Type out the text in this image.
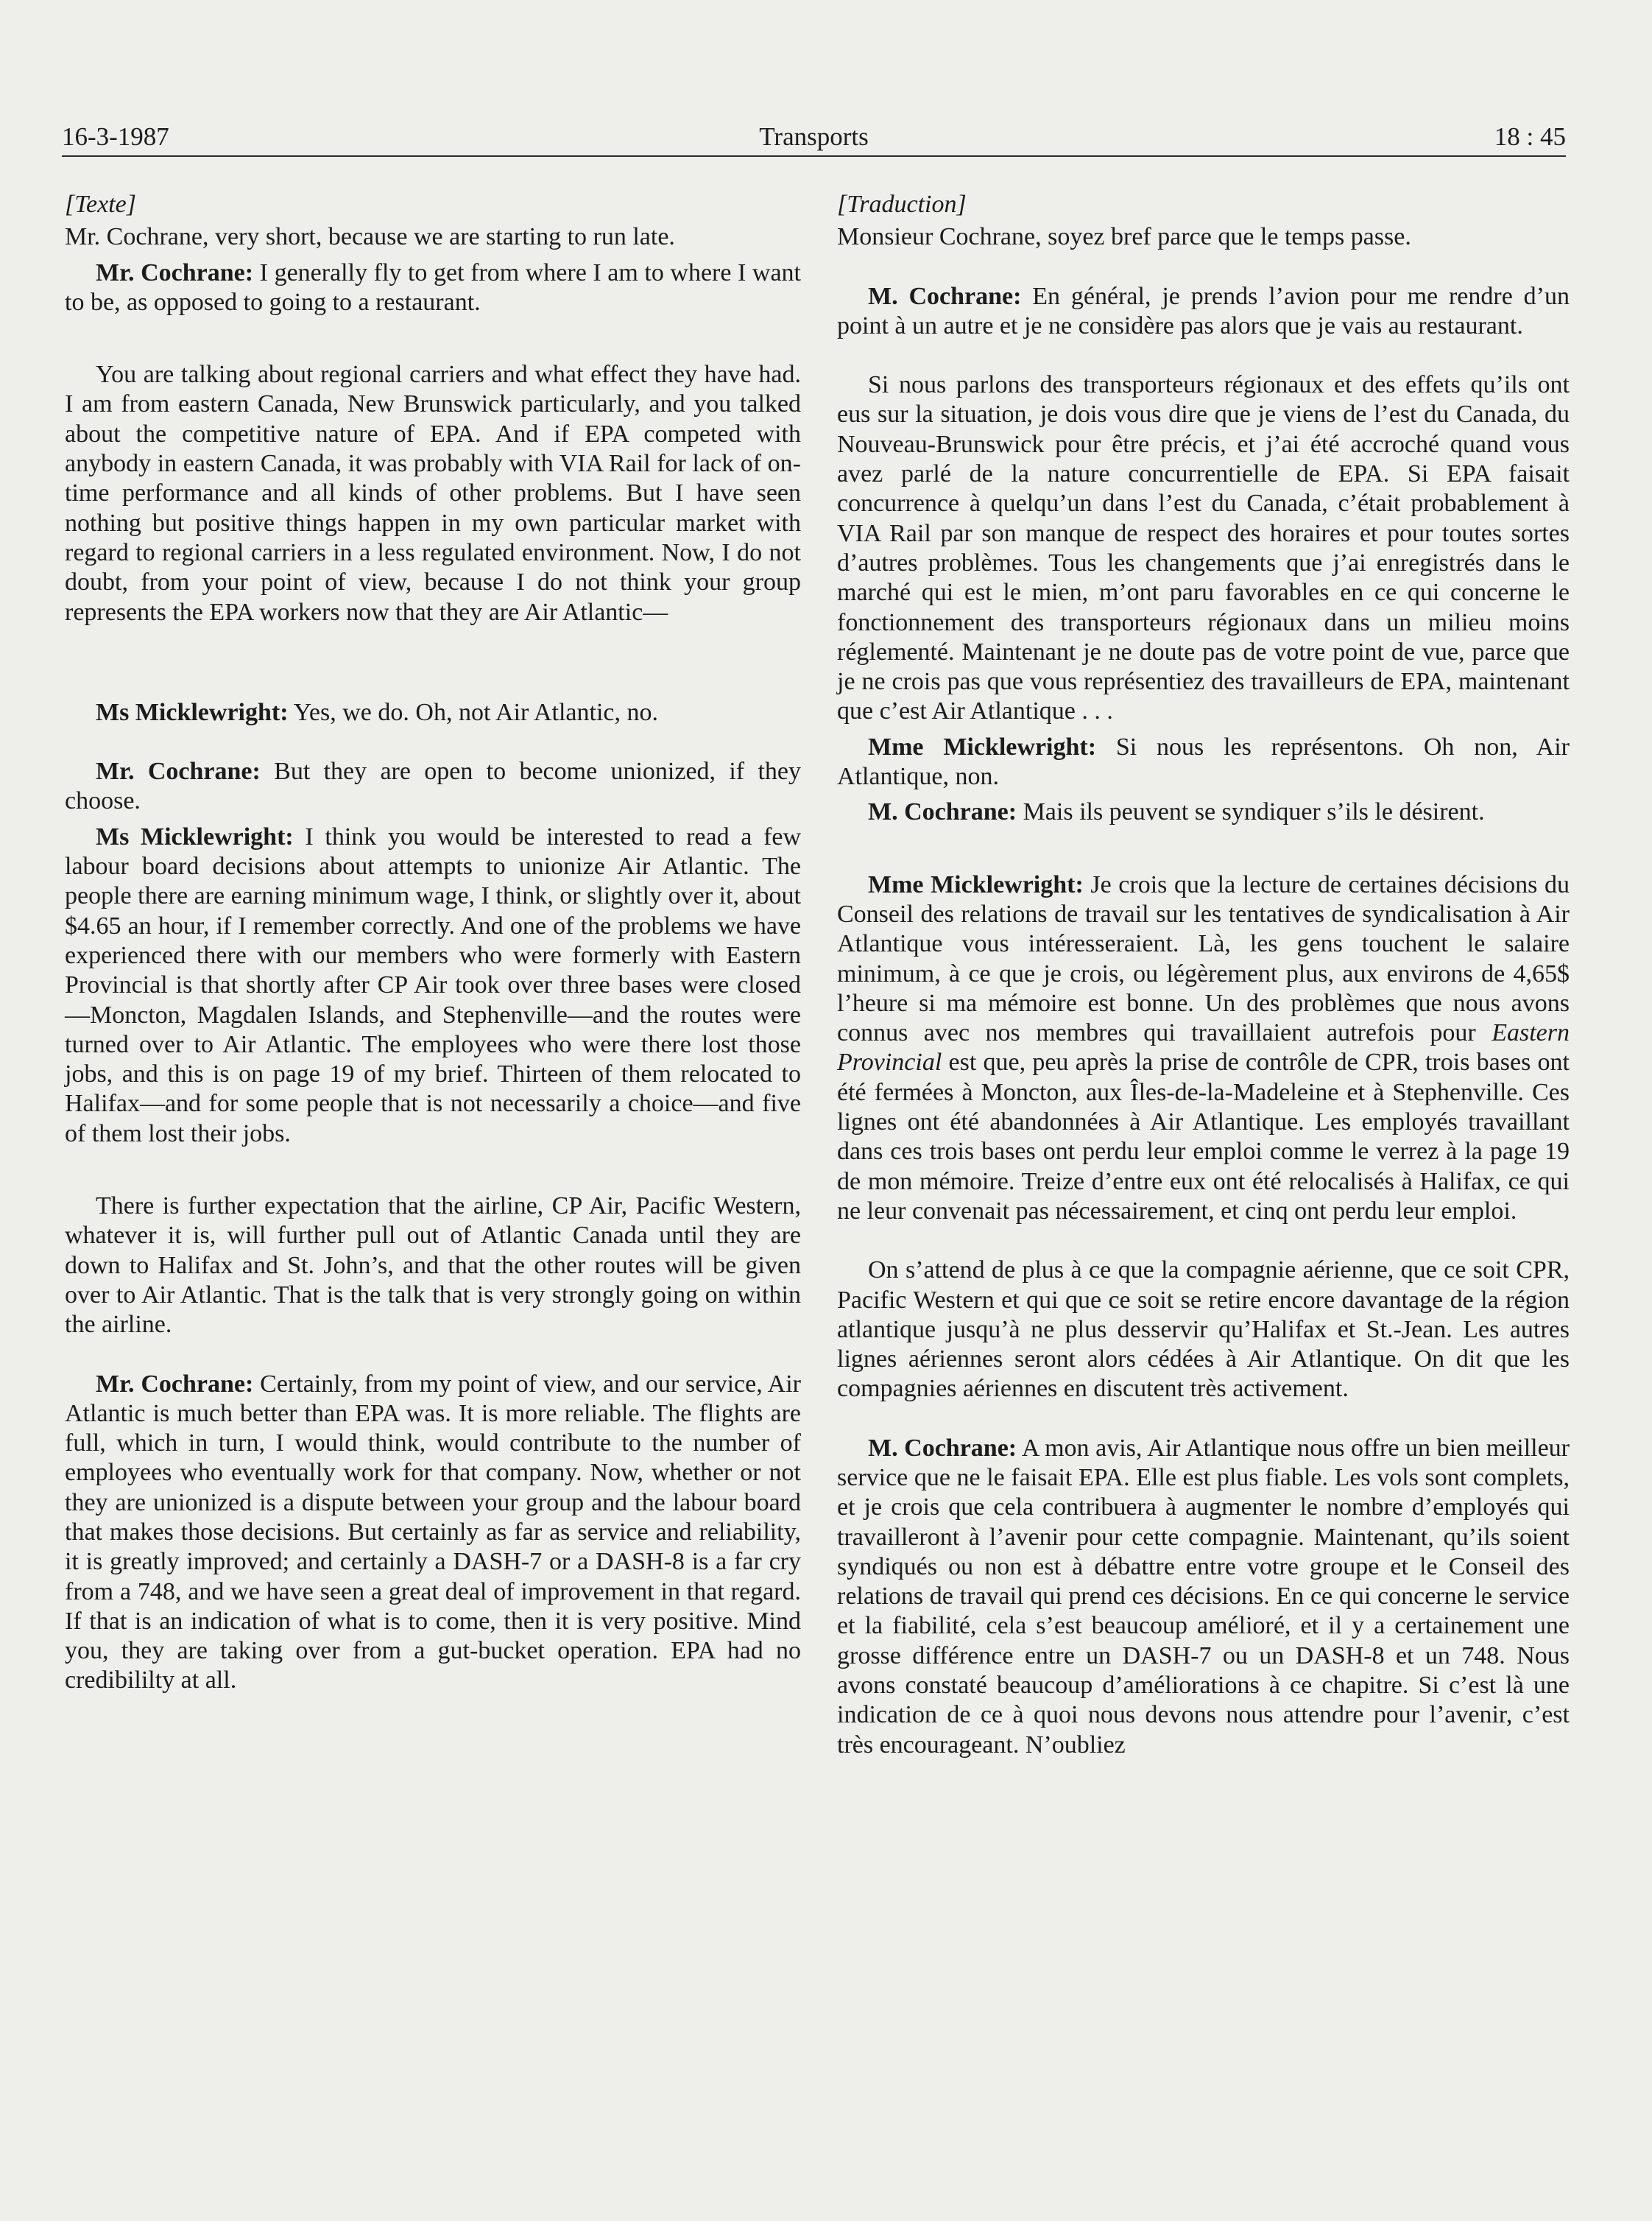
16-3-1987	Transports	18 : 45

[Texte]

Mr. Cochrane, very short, because we are starting to run late.

Mr. Cochrane: I generally fly to get from where I am to where I want to be, as opposed to going to a restaurant.

You are talking about regional carriers and what effect they have had. I am from eastern Canada, New Brunswick particularly, and you talked about the competitive nature of EPA. And if EPA competed with anybody in eastern Canada, it was probably with VIA Rail for lack of on-time performance and all kinds of other problems. But I have seen nothing but positive things happen in my own particular market with regard to regional carriers in a less regulated environment. Now, I do not doubt, from your point of view, because I do not think your group represents the EPA workers now that they are Air Atlantic—

Ms Micklewright: Yes, we do. Oh, not Air Atlantic, no.

Mr. Cochrane: But they are open to become unionized, if they choose.

Ms Micklewright: I think you would be interested to read a few labour board decisions about attempts to unionize Air Atlantic. The people there are earning minimum wage, I think, or slightly over it, about $4.65 an hour, if I remember correctly. And one of the problems we have experienced there with our members who were formerly with Eastern Provincial is that shortly after CP Air took over three bases were closed—Moncton, Magdalen Islands, and Stephenville—and the routes were turned over to Air Atlantic. The employees who were there lost those jobs, and this is on page 19 of my brief. Thirteen of them relocated to Halifax—and for some people that is not necessarily a choice—and five of them lost their jobs.

There is further expectation that the airline, CP Air, Pacific Western, whatever it is, will further pull out of Atlantic Canada until they are down to Halifax and St. John’s, and that the other routes will be given over to Air Atlantic. That is the talk that is very strongly going on within the airline.

Mr. Cochrane: Certainly, from my point of view, and our service, Air Atlantic is much better than EPA was. It is more reliable. The flights are full, which in turn, I would think, would contribute to the number of employees who eventually work for that company. Now, whether or not they are unionized is a dispute between your group and the labour board that makes those decisions. But certainly as far as service and reliability, it is greatly improved; and certainly a DASH-7 or a DASH-8 is a far cry from a 748, and we have seen a great deal of improvement in that regard. If that is an indication of what is to come, then it is very positive. Mind you, they are taking over from a gut-bucket operation. EPA had no credibililty at all.

[Traduction]

Monsieur Cochrane, soyez bref parce que le temps passe.

M. Cochrane: En général, je prends l’avion pour me rendre d’un point à un autre et je ne considère pas alors que je vais au restaurant.

Si nous parlons des transporteurs régionaux et des effets qu’ils ont eus sur la situation, je dois vous dire que je viens de l’est du Canada, du Nouveau-Brunswick pour être précis, et j’ai été accroché quand vous avez parlé de la nature concurrentielle de EPA. Si EPA faisait concurrence à quelqu’un dans l’est du Canada, c’était probablement à VIA Rail par son manque de respect des horaires et pour toutes sortes d’autres problèmes. Tous les changements que j’ai enregistrés dans le marché qui est le mien, m’ont paru favorables en ce qui concerne le fonctionnement des transporteurs régionaux dans un milieu moins réglementé. Maintenant je ne doute pas de votre point de vue, parce que je ne crois pas que vous représentiez des travailleurs de EPA, maintenant que c’est Air Atlantique . . .

Mme Micklewright: Si nous les représentons. Oh non, Air Atlantique, non.

M. Cochrane: Mais ils peuvent se syndiquer s’ils le désirent.

Mme Micklewright: Je crois que la lecture de certaines décisions du Conseil des relations de travail sur les tentatives de syndicalisation à Air Atlantique vous intéresseraient. Là, les gens touchent le salaire minimum, à ce que je crois, ou légèrement plus, aux environs de 4,65$ l’heure si ma mémoire est bonne. Un des problèmes que nous avons connus avec nos membres qui travaillaient autrefois pour Eastern Provincial est que, peu après la prise de contrôle de CPR, trois bases ont été fermées à Moncton, aux Îles-de-la-Madeleine et à Stephenville. Ces lignes ont été abandonnées à Air Atlantique. Les employés travaillant dans ces trois bases ont perdu leur emploi comme le verrez à la page 19 de mon mémoire. Treize d’entre eux ont été relocalisés à Halifax, ce qui ne leur convenait pas nécessairement, et cinq ont perdu leur emploi.

On s’attend de plus à ce que la compagnie aérienne, que ce soit CPR, Pacific Western et qui que ce soit se retire encore davantage de la région atlantique jusqu’à ne plus desservir qu’Halifax et St.-Jean. Les autres lignes aériennes seront alors cédées à Air Atlantique. On dit que les compagnies aériennes en discutent très activement.

M. Cochrane: A mon avis, Air Atlantique nous offre un bien meilleur service que ne le faisait EPA. Elle est plus fiable. Les vols sont complets, et je crois que cela contribuera à augmenter le nombre d’employés qui travailleront à l’avenir pour cette compagnie. Maintenant, qu’ils soient syndiqués ou non est à débattre entre votre groupe et le Conseil des relations de travail qui prend ces décisions. En ce qui concerne le service et la fiabilité, cela s’est beaucoup amélioré, et il y a certainement une grosse différence entre un DASH-7 ou un DASH-8 et un 748. Nous avons constaté beaucoup d’améliorations à ce chapitre. Si c’est là une indication de ce à quoi nous devons nous attendre pour l’avenir, c’est très encourageant. N’oubliez
